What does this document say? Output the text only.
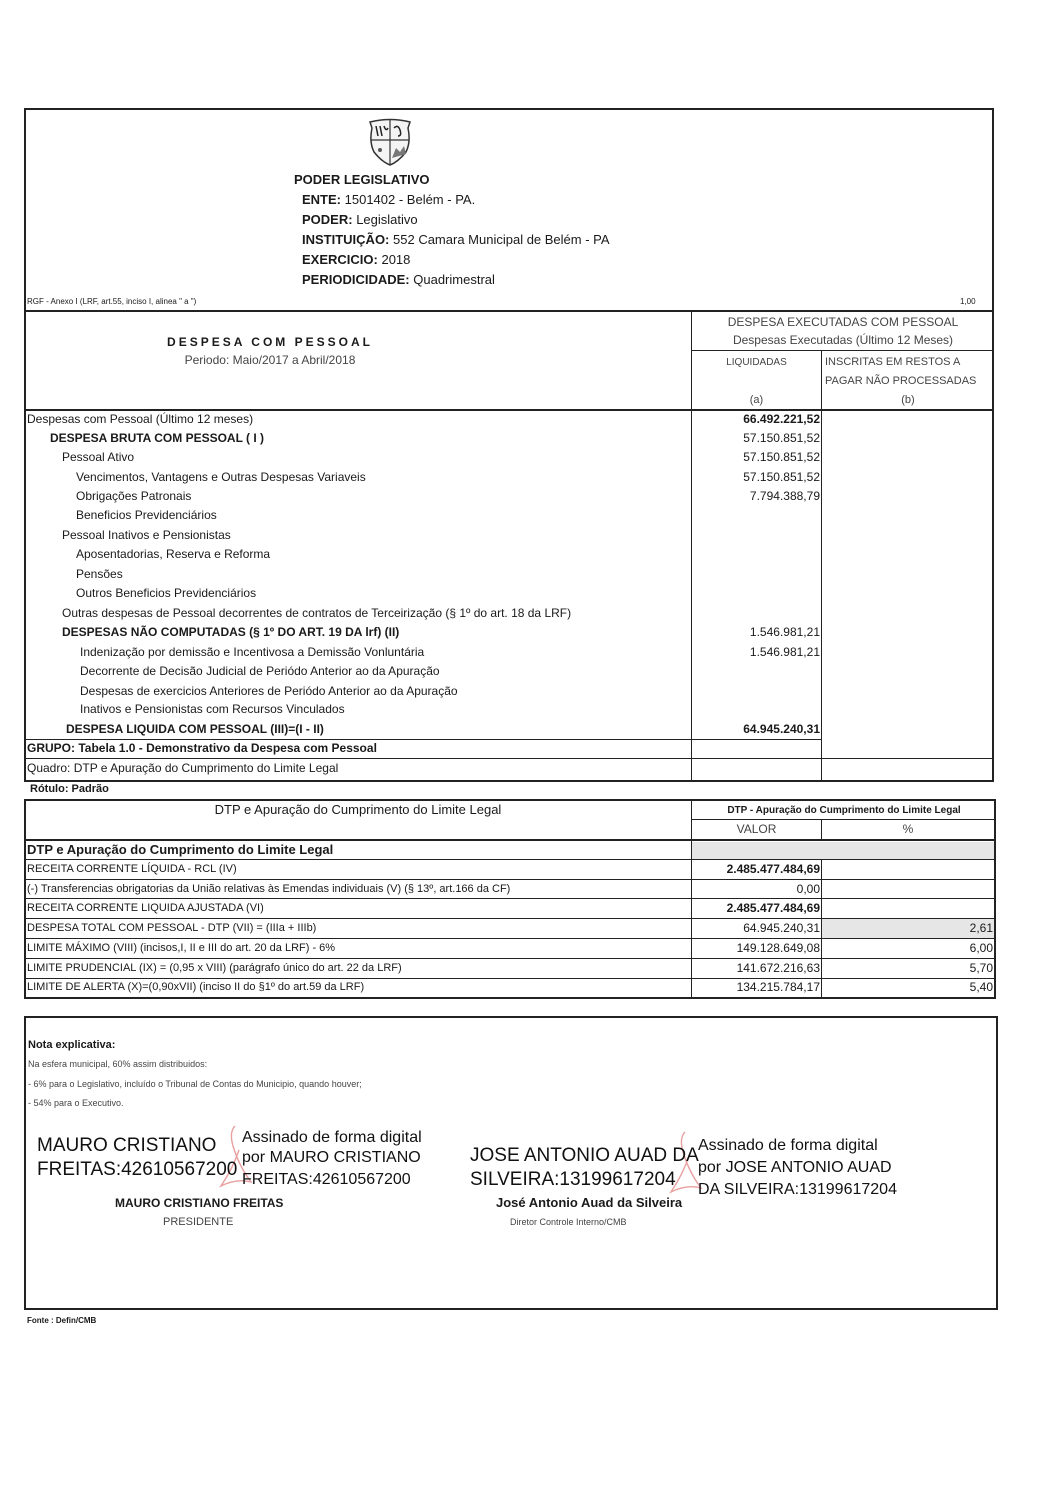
PODER LEGISLATIVO
ENTE: 1501402 - Belém - PA.
PODER: Legislativo
INSTITUIÇÃO: 552 Camara Municipal de Belém - PA
EXERCICIO: 2018
PERIODICIDADE: Quadrimestral
RGF - Anexo I (LRF, art.55, inciso I, alinea " a ")	1,00
DESPESA COM PESSOAL
Periodo: Maio/2017 a Abril/2018
DESPESA EXECUTADAS COM PESSOAL
Despesas Executadas (Último 12 Meses)
LIQUIDADAS
(a)
INSCRITAS EM RESTOS A
PAGAR NÃO PROCESSADAS
(b)
Despesas com Pessoal (Último 12 meses)	66.492.221,52
DESPESA BRUTA COM PESSOAL ( I )	57.150.851,52
Pessoal Ativo	57.150.851,52
Vencimentos, Vantagens e Outras Despesas Variaveis	57.150.851,52
Obrigações Patronais	7.794.388,79
Beneficios Previdenciários
Pessoal Inativos e Pensionistas
Aposentadorias, Reserva e Reforma
Pensões
Outros Beneficios Previdenciários
Outras despesas de Pessoal decorrentes de contratos de Terceirização (§ 1º do art. 18 da LRF)
DESPESAS NÃO COMPUTADAS (§ 1º DO ART. 19 DA lrf) (II)	1.546.981,21
Indenização por demissão e Incentivosa a Demissão Vonluntária	1.546.981,21
Decorrente de Decisão Judicial de Periódo Anterior ao da Apuração
Despesas de exercicios Anteriores de Periódo Anterior ao da Apuração
Inativos e Pensionistas com Recursos Vinculados
DESPESA LIQUIDA COM PESSOAL (III)=(I - II)	64.945.240,31
GRUPO: Tabela 1.0 - Demonstrativo da Despesa com Pessoal
Quadro: DTP e Apuração do Cumprimento do Limite Legal
Rótulo: Padrão
DTP e Apuração do Cumprimento do Limite Legal	DTP - Apuração do Cumprimento do Limite Legal
VALOR	%
DTP e Apuração do Cumprimento do Limite Legal
RECEITA CORRENTE LÍQUIDA - RCL (IV)	2.485.477.484,69
(-) Transferencias obrigatorias da União relativas às Emendas individuais (V) (§ 13º, art.166 da CF)	0,00
RECEITA CORRENTE LIQUIDA AJUSTADA (VI)	2.485.477.484,69
DESPESA TOTAL COM PESSOAL - DTP (VII) = (IIIa + IIIb)	64.945.240,31	2,61
LIMITE MÁXIMO (VIII) (incisos,I, II e III do art. 20 da LRF) - 6%	149.128.649,08	6,00
LIMITE PRUDENCIAL (IX) = (0,95 x VIII) (parágrafo único do art. 22 da LRF)	141.672.216,63	5,70
LIMITE DE ALERTA (X)=(0,90xVII) (inciso II do §1º do art.59 da LRF)	134.215.784,17	5,40
Nota explicativa:
Na esfera municipal, 60% assim distribuidos:
- 6% para o Legislativo, incluído o Tribunal de Contas do Municipio, quando houver;
- 54% para o Executivo.
MAURO CRISTIANO
FREITAS:42610567200
Assinado de forma digital
por MAURO CRISTIANO
FREITAS:42610567200
MAURO CRISTIANO FREITAS
PRESIDENTE
JOSE ANTONIO AUAD DA
SILVEIRA:13199617204
Assinado de forma digital
por JOSE ANTONIO AUAD
DA SILVEIRA:13199617204
José Antonio Auad da Silveira
Diretor Controle Interno/CMB
Fonte : Defin/CMB
